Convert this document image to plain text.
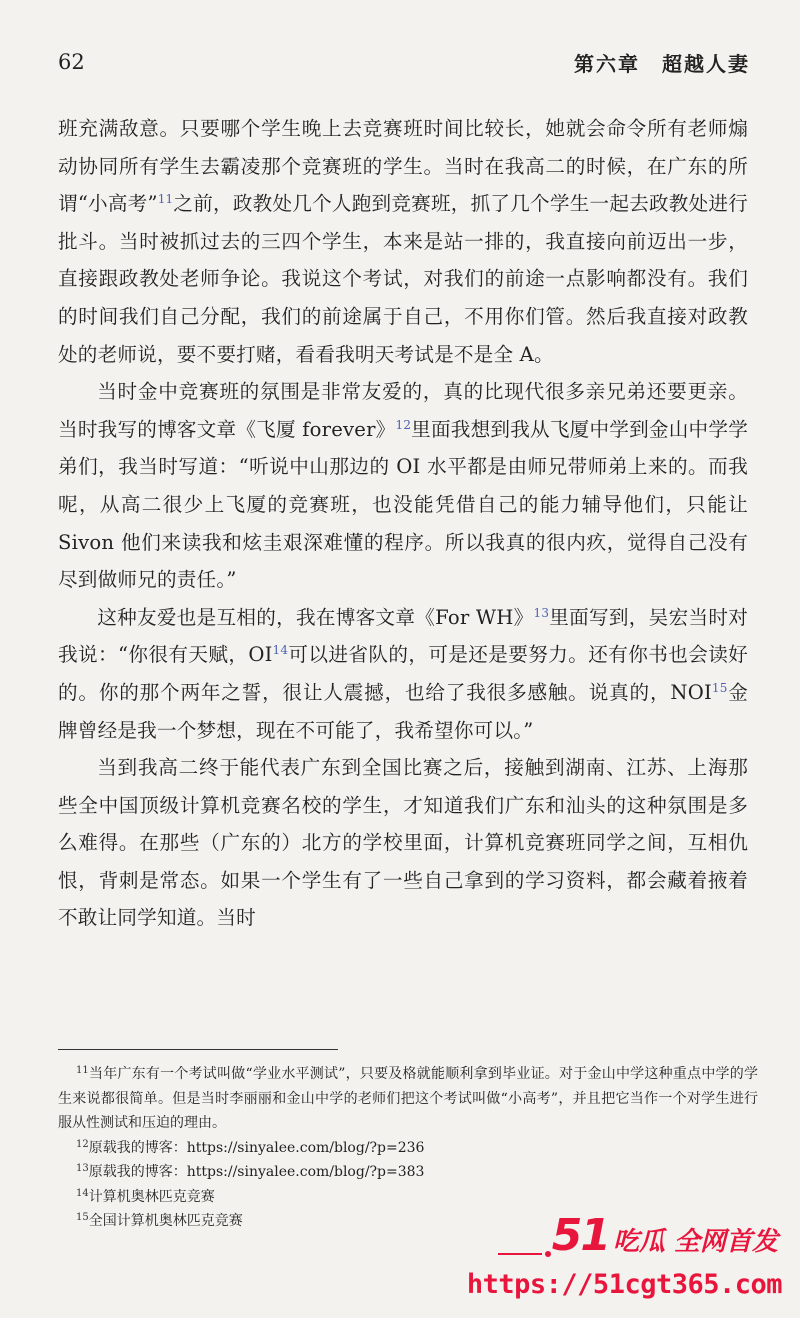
62	第六章　超越人妻

班充满敌意。只要哪个学生晚上去竞赛班时间比较长，她就会命令所有老师煽动协同所有学生去霸凌那个竞赛班的学生。当时在我高二的时候，在广东的所谓“小高考”$^{11}$之前，政教处几个人跑到竞赛班，抓了几个学生一起去政教处进行批斗。当时被抓过去的三四个学生，本来是站一排的，我直接向前迈出一步，直接跟政教处老师争论。我说这个考试，对我们的前途一点影响都没有。我们的时间我们自己分配，我们的前途属于自己，不用你们管。然后我直接对政教处的老师说，要不要打赌，看看我明天考试是不是全 A。

当时金中竞赛班的氛围是非常友爱的，真的比现代很多亲兄弟还要更亲。当时我写的博客文章《飞厦 forever》$^{12}$里面我想到我从飞厦中学到金山中学学弟们，我当时写道：“听说中山那边的 OI 水平都是由师兄带师弟上来的。而我呢，从高二很少上飞厦的竞赛班，也没能凭借自己的能力辅导他们，只能让 Sivon 他们来读我和炫圭艰深难懂的程序。所以我真的很内疚，觉得自己没有尽到做师兄的责任。”

这种友爱也是互相的，我在博客文章《For WH》$^{13}$里面写到，吴宏当时对我说：“你很有天赋，OI$^{14}$可以进省队的，可是还是要努力。还有你书也会读好的。你的那个两年之誓，很让人震撼，也给了我很多感触。说真的，NOI$^{15}$金牌曾经是我一个梦想，现在不可能了，我希望你可以。”

当到我高二终于能代表广东到全国比赛之后，接触到湖南、江苏、上海那些全中国顶级计算机竞赛名校的学生，才知道我们广东和汕头的这种氛围是多么难得。在那些（广东的）北方的学校里面，计算机竞赛班同学之间，互相仇恨，背刺是常态。如果一个学生有了一些自己拿到的学习资料，都会藏着掖着不敢让同学知道。当时

$^{11}$当年广东有一个考试叫做“学业水平测试”，只要及格就能顺利拿到毕业证。对于金山中学这种重点中学的学生来说都很简单。但是当时李丽丽和金山中学的老师们把这个考试叫做“小高考”，并且把它当作一个对学生进行服从性测试和压迫的理由。

$^{12}$原载我的博客：https://sinyalee.com/blog/?p=236

$^{13}$原载我的博客：https://sinyalee.com/blog/?p=383

$^{14}$计算机奥林匹克竞赛

$^{15}$全国计算机奥林匹克竞赛	51 吃瓜 全网首发
https://51cgt365.com
